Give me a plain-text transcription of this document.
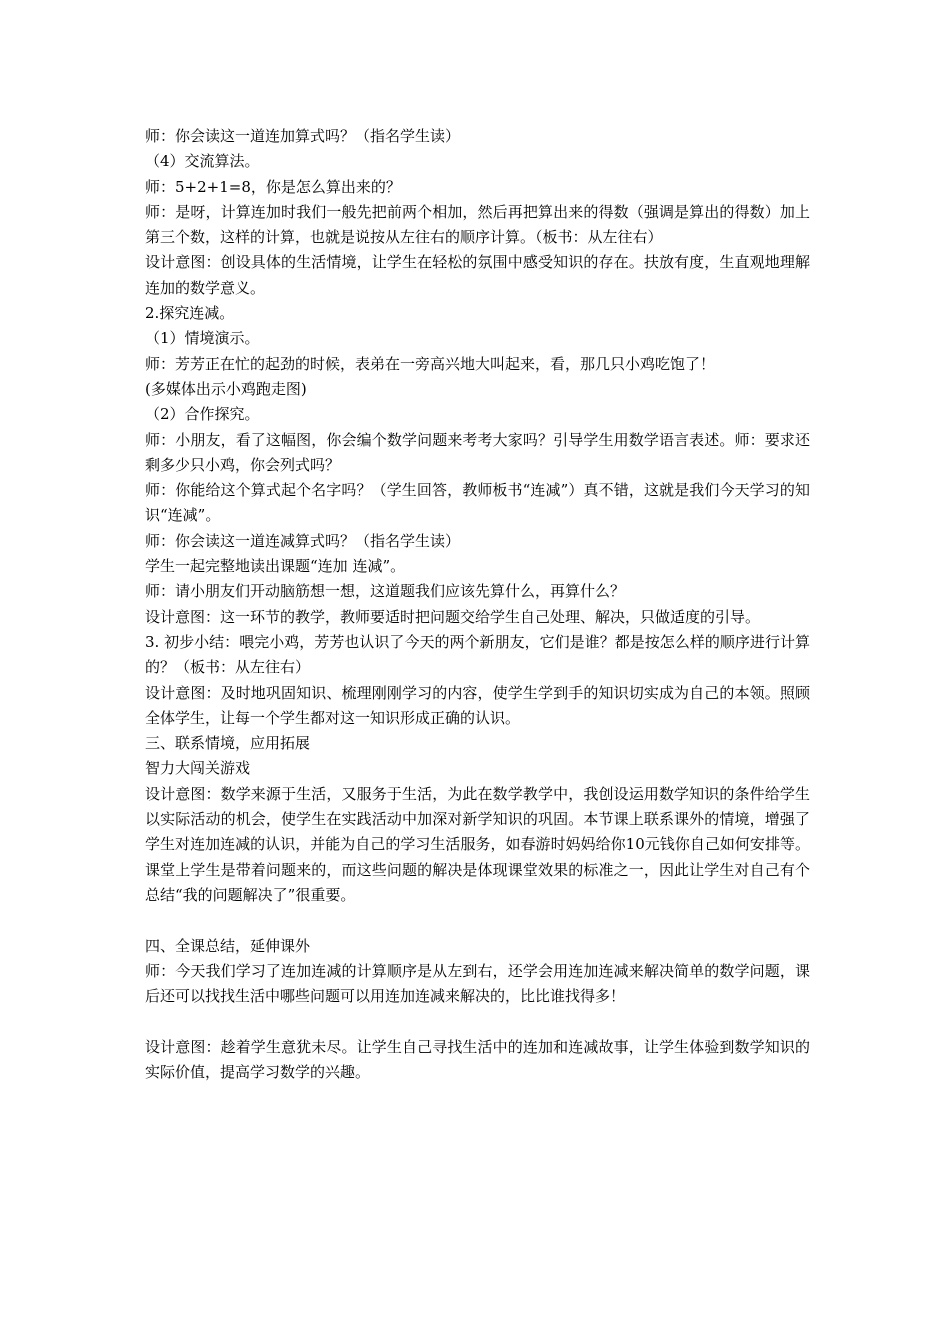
师：你会读这一道连加算式吗？（指名学生读）

（4）交流算法。

师：5+2+1=8，你是怎么算出来的？

师：是呀，计算连加时我们一般先把前两个相加，然后再把算出来的得数（强调是算出的得数）加上第三个数，这样的计算，也就是说按从左往右的顺序计算。（板书：从左往右）

设计意图：创设具体的生活情境，让学生在轻松的氛围中感受知识的存在。扶放有度，生直观地理解连加的数学意义。

2.探究连减。

（1）情境演示。

师：芳芳正在忙的起劲的时候，表弟在一旁高兴地大叫起来，看，那几只小鸡吃饱了！

(多媒体出示小鸡跑走图)

（2）合作探究。

师：小朋友，看了这幅图，你会编个数学问题来考考大家吗？引导学生用数学语言表述。师：要求还剩多少只小鸡，你会列式吗？

师：你能给这个算式起个名字吗？（学生回答，教师板书“连减”）真不错，这就是我们今天学习的知识“连减”。

师：你会读这一道连减算式吗？（指名学生读）

学生一起完整地读出课题“连加 连减”。

师：请小朋友们开动脑筋想一想，这道题我们应该先算什么，再算什么？

设计意图：这一环节的教学，教师要适时把问题交给学生自己处理、解决，只做适度的引导。

3. 初步小结：喂完小鸡，芳芳也认识了今天的两个新朋友，它们是谁？都是按怎么样的顺序进行计算的？（板书：从左往右）

设计意图：及时地巩固知识、梳理刚刚学习的内容，使学生学到手的知识切实成为自己的本领。照顾全体学生，让每一个学生都对这一知识形成正确的认识。

三、联系情境，应用拓展

智力大闯关游戏

设计意图：数学来源于生活，又服务于生活，为此在数学教学中，我创设运用数学知识的条件给学生以实际活动的机会，使学生在实践活动中加深对新学知识的巩固。本节课上联系课外的情境，增强了学生对连加连减的认识，并能为自己的学习生活服务，如春游时妈妈给你10元钱你自己如何安排等。课堂上学生是带着问题来的，而这些问题的解决是体现课堂效果的标准之一，因此让学生对自己有个总结“我的问题解决了”很重要。

四、全课总结，延伸课外

师：今天我们学习了连加连减的计算顺序是从左到右，还学会用连加连减来解决简单的数学问题，课后还可以找找生活中哪些问题可以用连加连减来解决的，比比谁找得多！

设计意图：趁着学生意犹未尽。让学生自己寻找生活中的连加和连减故事，让学生体验到数学知识的实际价值，提高学习数学的兴趣。
